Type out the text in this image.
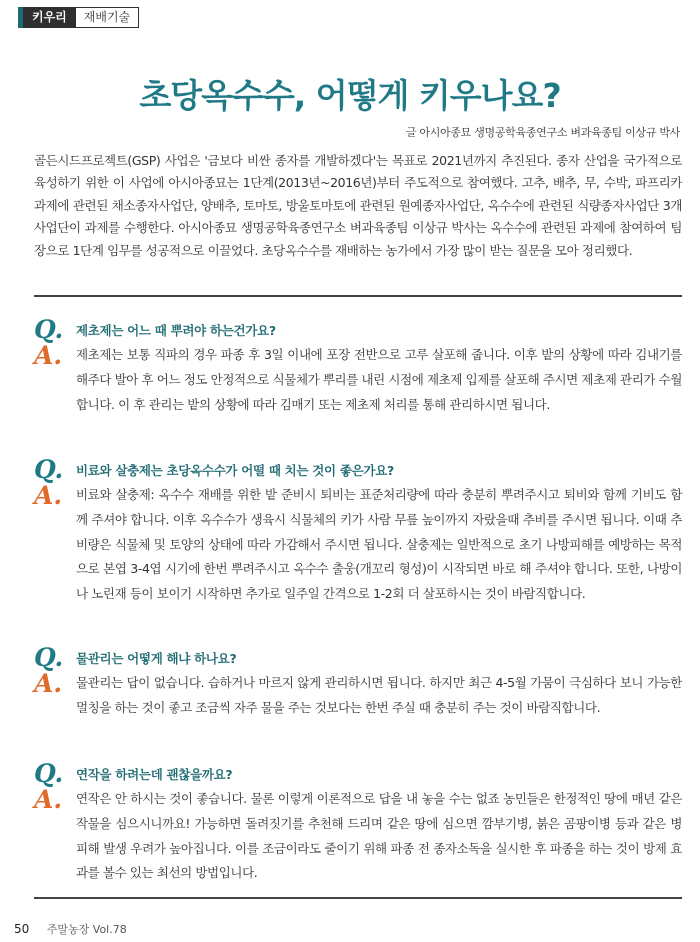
키우리	재배기술
초당옥수수, 어떻게 키우나요?
글 아시아종묘 생명공학육종연구소 벼과육종팀 이상규 박사

골든시드프로젝트(GSP) 사업은 '금보다 비싼 종자를 개발하겠다'는 목표로 2021년까지 추진된다. 종자 산업을 국가적으로 육성하기 위한 이 사업에 아시아종묘는 1단계(2013년~2016년)부터 주도적으로 참여했다. 고추, 배추, 무, 수박, 파프리카 과제에 관련된 채소종자사업단, 양배추, 토마토, 방울토마토에 관련된 원예종자사업단, 옥수수에 관련된 식량종자사업단 3개 사업단이 과제를 수행한다. 아시아종묘 생명공학육종연구소 벼과육종팀 이상규 박사는 옥수수에 관련된 과제에 참여하여 팀장으로 1단계 임무를 성공적으로 이끌었다. 초당옥수수를 재배하는 농가에서 가장 많이 받는 질문을 모아 정리했다.

Q.	제초제는 어느 때 뿌려야 하는건가요?
A.	제초제는 보통 직파의 경우 파종 후 3일 이내에 포장 전반으로 고루 살포해 줍니다. 이후 밭의 상황에 따라 김내기를 해주다 발아 후 어느 정도 안정적으로 식물체가 뿌리를 내린 시점에 제초제 입제를 살포해 주시면 제초제 관리가 수월합니다. 이 후 관리는 밭의 상황에 따라 김매기 또는 제초제 처리를 통해 관리하시면 됩니다.

Q.	비료와 살충제는 초당옥수수가 어떨 때 치는 것이 좋은가요?
A.	비료와 살충제: 옥수수 재배를 위한 밭 준비시 퇴비는 표준처리량에 따라 충분히 뿌려주시고 퇴비와 함께 기비도 함께 주셔야 합니다. 이후 옥수수가 생육시 식물체의 키가 사람 무릎 높이까지 자랐을때 추비를 주시면 됩니다. 이때 추비량은 식물체 및 토양의 상태에 따라 가감해서 주시면 됩니다. 살충제는 일반적으로 초기 나방피해를 예방하는 목적으로 본엽 3-4엽 시기에 한번 뿌려주시고 옥수수 출웅(개꼬리 형성)이 시작되면 바로 해 주셔야 합니다. 또한, 나방이나 노린재 등이 보이기 시작하면 추가로 일주일 간격으로 1-2회 더 살포하시는 것이 바람직합니다.

Q.	물관리는 어떻게 해냐 하나요?
A.	물관리는 답이 없습니다. 습하거나 마르지 않게 관리하시면 됩니다. 하지만 최근 4-5월 가뭄이 극심하다 보니 가능한 멀칭을 하는 것이 좋고 조금씩 자주 물을 주는 것보다는 한번 주실 때 충분히 주는 것이 바람직합니다.

Q.	연작을 하려는데 괜찮을까요?
A.	연작은 안 하시는 것이 좋습니다. 물론 이렇게 이론적으로 답을 내 놓을 수는 없죠 농민들은 한정적인 땅에 매년 같은 작물을 심으시니까요! 가능하면 돌려짓기를 추천해 드리며 같은 땅에 심으면 깜부기병, 붉은 곰팡이병 등과 같은 병 피해 발생 우려가 높아집니다. 이를 조금이라도 줄이기 위해 파종 전 종자소독을 실시한 후 파종을 하는 것이 방제 효과를 볼수 있는 최선의 방법입니다.

50 주말농장 Vol.78
